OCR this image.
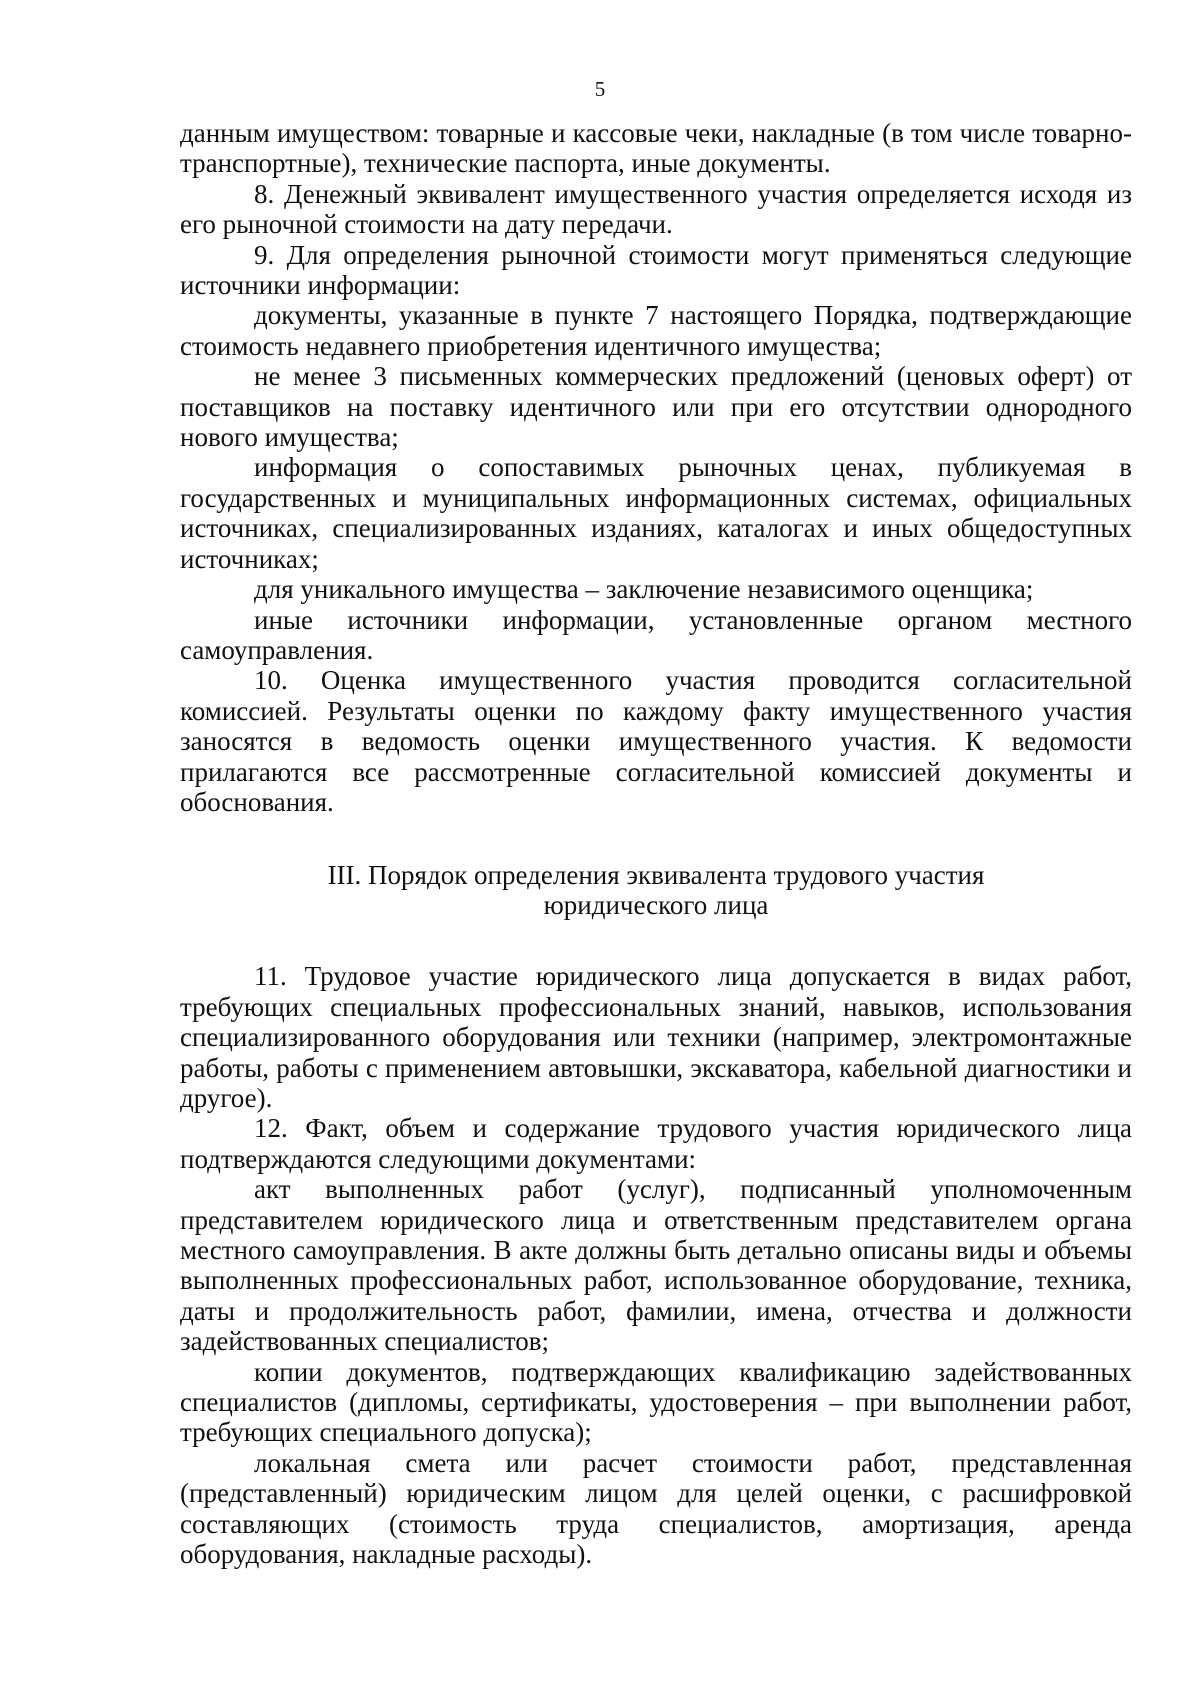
5

данным имуществом: товарные и кассовые чеки, накладные (в том числе товарно-транспортные), технические паспорта, иные документы.

8. Денежный эквивалент имущественного участия определяется исходя из его рыночной стоимости на дату передачи.

9. Для определения рыночной стоимости могут применяться следующие источники информации:

документы, указанные в пункте 7 настоящего Порядка, подтверждающие стоимость недавнего приобретения идентичного имущества;

не менее 3 письменных коммерческих предложений (ценовых оферт) от поставщиков на поставку идентичного или при его отсутствии однородного нового имущества;

информация о сопоставимых рыночных ценах, публикуемая в государственных и муниципальных информационных системах, официальных источниках, специализированных изданиях, каталогах и иных общедоступных источниках;

для уникального имущества – заключение независимого оценщика;

иные источники информации, установленные органом местного самоуправления.

10. Оценка имущественного участия проводится согласительной комиссией. Результаты оценки по каждому факту имущественного участия заносятся в ведомость оценки имущественного участия. К ведомости прилагаются все рассмотренные согласительной комиссией документы и обоснования.

III. Порядок определения эквивалента трудового участия
юридического лица

11. Трудовое участие юридического лица допускается в видах работ, требующих специальных профессиональных знаний, навыков, использования специализированного оборудования или техники (например, электромонтажные работы, работы с применением автовышки, экскаватора, кабельной диагностики и другое).

12. Факт, объем и содержание трудового участия юридического лица подтверждаются следующими документами:

акт выполненных работ (услуг), подписанный уполномоченным представителем юридического лица и ответственным представителем органа местного самоуправления. В акте должны быть детально описаны виды и объемы выполненных профессиональных работ, использованное оборудование, техника, даты и продолжительность работ, фамилии, имена, отчества и должности задействованных специалистов;

копии документов, подтверждающих квалификацию задействованных специалистов (дипломы, сертификаты, удостоверения – при выполнении работ, требующих специального допуска);

локальная смета или расчет стоимости работ, представленная (представленный) юридическим лицом для целей оценки, с расшифровкой составляющих (стоимость труда специалистов, амортизация, аренда оборудования, накладные расходы).
